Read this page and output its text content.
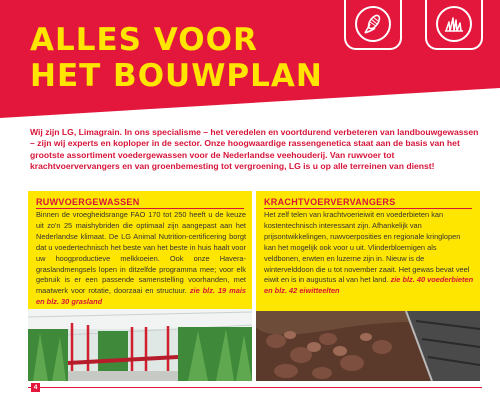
ALLES VOOR
HET BOUWPLAN

Wij zijn LG, Limagrain. In ons specialisme – het veredelen en voortdurend verbeteren van landbouwgewassen – zijn wij experts en koploper in de sector. Onze hoogwaardige rassengenetica staat aan de basis van het grootste assortiment voedergewassen voor de Nederlandse veehouderij. Van ruwvoer tot krachtvoervervangers en van groenbemesting tot vergroening, LG is u op alle terreinen van dienst!

RUWVOERGEWASSEN

Binnen de vroegheidsrange FAO 170 tot 250 heeft u de keuze uit zo'n 25 maishybriden die optimaal zijn aangepast aan het Nederlandse klimaat. De LG Animal Nutrition-certificering borgt dat u voedertechnisch het beste van het beste in huis haalt voor uw hoogproductieve melkkoeien. Ook onze Havera-graslandmengsels lopen in ditzelfde programma mee; voor elk gebruik is er een passende samenstelling voorhanden, met maatwerk voor rotatie, doorzaai en structuur. zie blz. 19 mais en blz. 30 grasland

KRACHTVOERVERVANGERS

Het zelf telen van krachtvoerieiwit en voederbieten kan kostentechnisch interessant zijn. Afhankelijk van prijsontwikkelingen, ruwvoerposities en regionale kringlopen kan het mogelijk ook voor u uit. Vlinderbloemigen als veldbonen, erwten en luzerne zijn in. Nieuw is de wintervelddoon die u tot november zaait. Het gewas bevat veel eiwit en is in augustus al van het land. zie blz. 40 voederbieten en blz. 42 eiwitteelten

4
